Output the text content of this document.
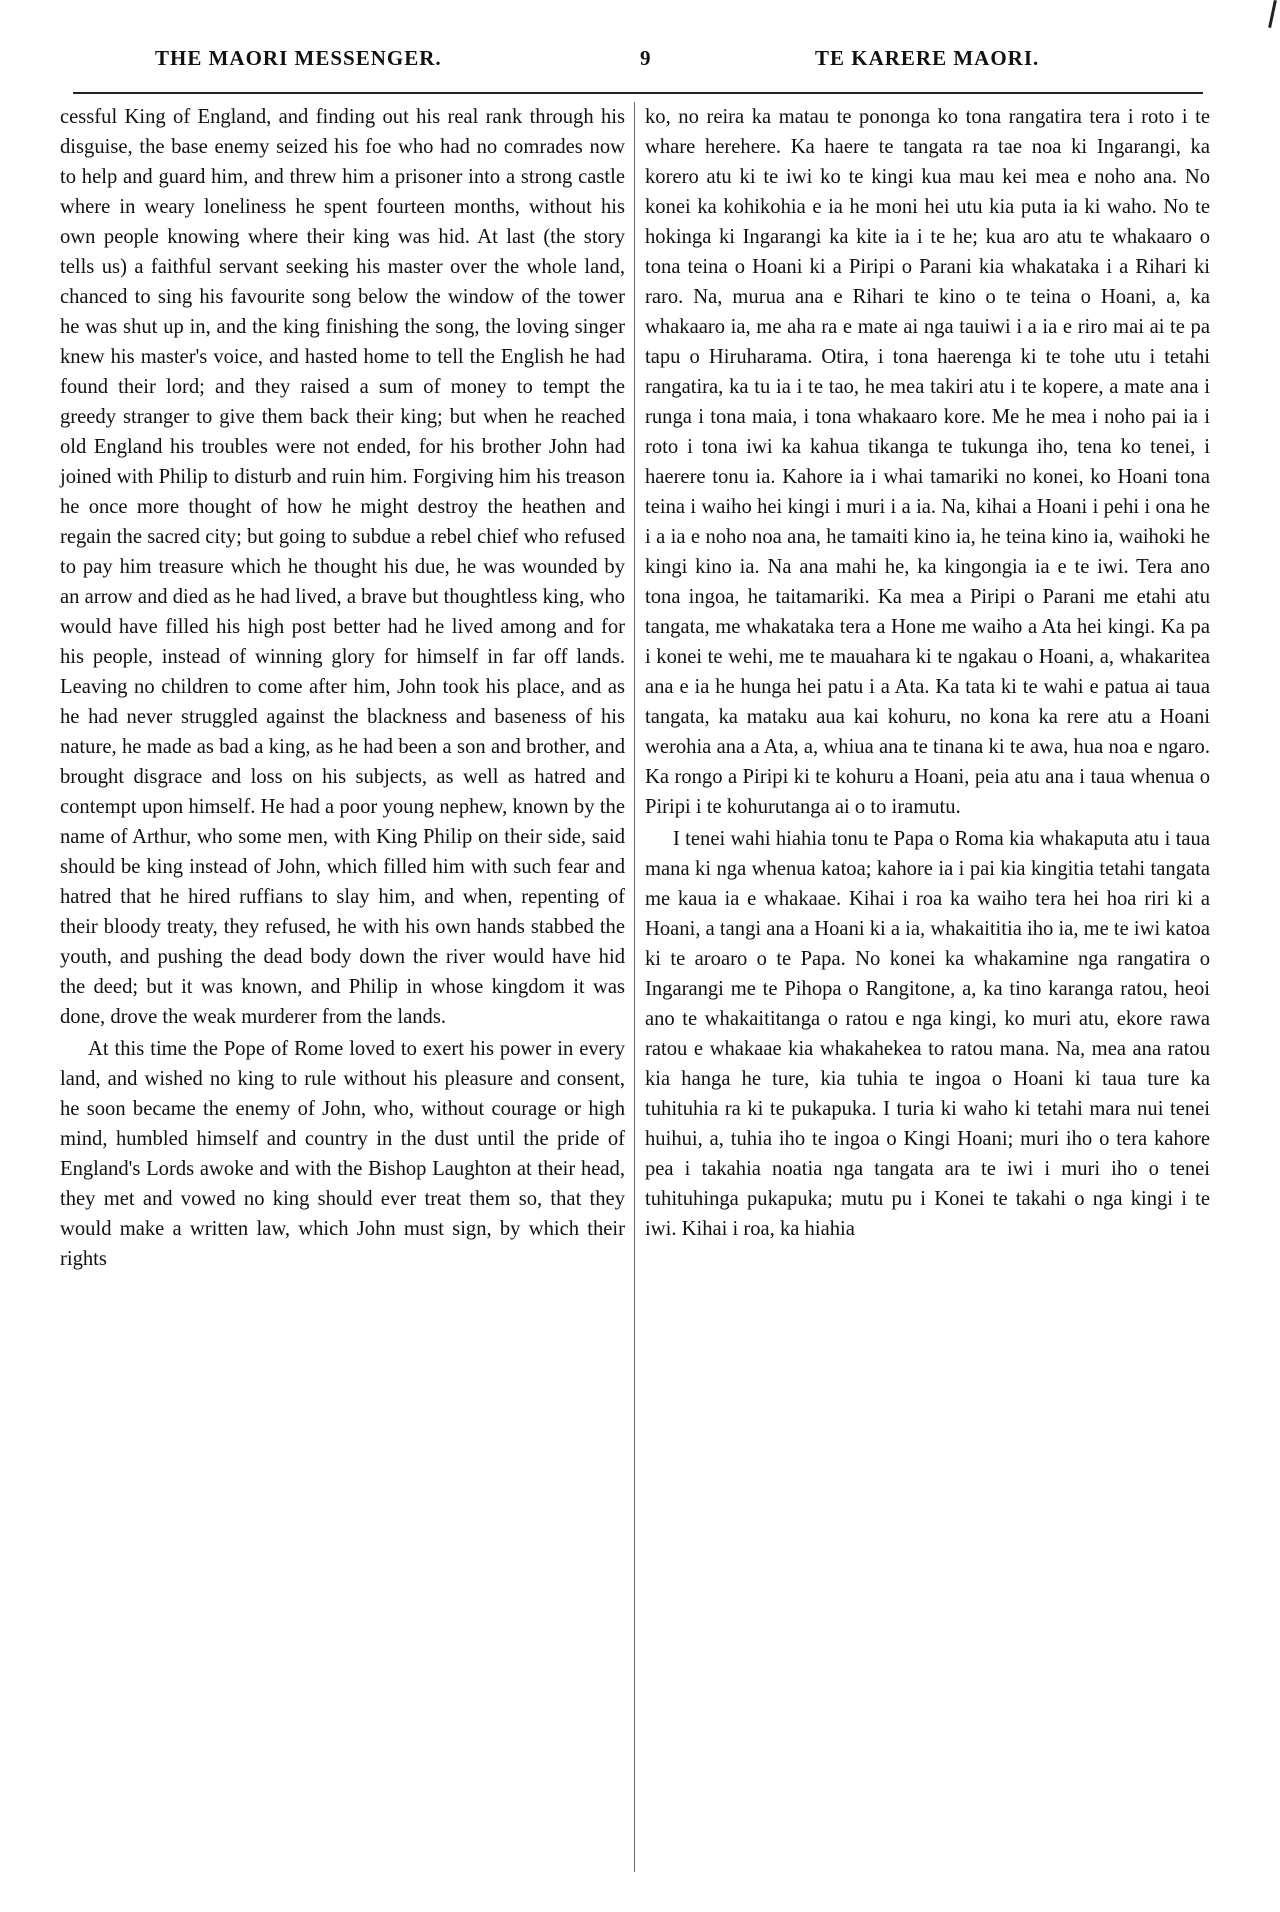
THE MAORI MESSENGER.	9	TE KARERE MAORI.

cessful King of England, and finding out his real rank through his disguise, the base enemy seized his foe who had no comrades now to help and guard him, and threw him a prisoner into a strong castle where in weary loneliness he spent fourteen months, without his own people knowing where their king was hid. At last (the story tells us) a faithful servant seeking his master over the whole land, chanced to sing his favourite song below the window of the tower he was shut up in, and the king finishing the song, the loving singer knew his master's voice, and hasted home to tell the English he had found their lord; and they raised a sum of money to tempt the greedy stranger to give them back their king; but when he reached old England his troubles were not ended, for his brother John had joined with Philip to disturb and ruin him. Forgiving him his treason he once more thought of how he might destroy the heathen and regain the sacred city; but going to subdue a rebel chief who refused to pay him treasure which he thought his due, he was wounded by an arrow and died as he had lived, a brave but thoughtless king, who would have filled his high post better had he lived among and for his people, instead of winning glory for himself in far off lands. Leaving no children to come after him, John took his place, and as he had never struggled against the blackness and baseness of his nature, he made as bad a king, as he had been a son and brother, and brought disgrace and loss on his subjects, as well as hatred and contempt upon himself. He had a poor young nephew, known by the name of Arthur, who some men, with King Philip on their side, said should be king instead of John, which filled him with such fear and hatred that he hired ruffians to slay him, and when, repenting of their bloody treaty, they refused, he with his own hands stabbed the youth, and pushing the dead body down the river would have hid the deed; but it was known, and Philip in whose kingdom it was done, drove the weak murderer from the lands.

At this time the Pope of Rome loved to exert his power in every land, and wished no king to rule without his pleasure and consent, he soon became the enemy of John, who, without courage or high mind, humbled himself and country in the dust until the pride of England's Lords awoke and with the Bishop Laughton at their head, they met and vowed no king should ever treat them so, that they would make a written law, which John must sign, by which their rights

ko, no reira ka matau te pononga ko tona rangatira tera i roto i te whare herehere. Ka haere te tangata ra tae noa ki Ingarangi, ka korero atu ki te iwi ko te kingi kua mau kei mea e noho ana. No konei ka kohikohia e ia he moni hei utu kia puta ia ki waho. No te hokinga ki Ingarangi ka kite ia i te he; kua aro atu te whakaaro o tona teina o Hoani ki a Piripi o Parani kia whakataka i a Rihari ki raro. Na, murua ana e Rihari te kino o te teina o Hoani, a, ka whakaaro ia, me aha ra e mate ai nga tauiwi i a ia e riro mai ai te pa tapu o Hiruharama. Otira, i tona haerenga ki te tohe utu i tetahi rangatira, ka tu ia i te tao, he mea takiri atu i te kopere, a mate ana i runga i tona maia, i tona whakaaro kore. Me he mea i noho pai ia i roto i tona iwi ka kahua tikanga te tukunga iho, tena ko tenei, i haerere tonu ia. Kahore ia i whai tamariki no konei, ko Hoani tona teina i waiho hei kingi i muri i a ia. Na, kihai a Hoani i pehi i ona he i a ia e noho noa ana, he tamaiti kino ia, he teina kino ia, waihoki he kingi kino ia. Na ana mahi he, ka kingongia ia e te iwi. Tera ano tona ingoa, he taitamariki. Ka mea a Piripi o Parani me etahi atu tangata, me whakataka tera a Hone me waiho a Ata hei kingi. Ka pa i konei te wehi, me te mauahara ki te ngakau o Hoani, a, whakaritea ana e ia he hunga hei patu i a Ata. Ka tata ki te wahi e patua ai taua tangata, ka mataku aua kai kohuru, no kona ka rere atu a Hoani werohia ana a Ata, a, whiua ana te tinana ki te awa, hua noa e ngaro. Ka rongo a Piripi ki te kohuru a Hoani, peia atu ana i taua whenua o Piripi i te kohurutanga ai o to iramutu.

I tenei wahi hiahia tonu te Papa o Roma kia whakaputa atu i taua mana ki nga whenua katoa; kahore ia i pai kia kingitia tetahi tangata me kaua ia e whakaae. Kihai i roa ka waiho tera hei hoa riri ki a Hoani, a tangi ana a Hoani ki a ia, whakaititia iho ia, me te iwi katoa ki te aroaro o te Papa. No konei ka whakamine nga rangatira o Ingarangi me te Pihopa o Rangitone, a, ka tino karanga ratou, heoi ano te whakaititanga o ratou e nga kingi, ko muri atu, ekore rawa ratou e whakaae kia whakahekea to ratou mana. Na, mea ana ratou kia hanga he ture, kia tuhia te ingoa o Hoani ki taua ture ka tuhituhia ra ki te pukapuka. I turia ki waho ki tetahi mara nui tenei huihui, a, tuhia iho te ingoa o Kingi Hoani; muri iho o tera kahore pea i takahia noatia nga tangata ara te iwi i muri iho o tenei tuhituhinga pukapuka; mutu pu i Konei te takahi o nga kingi i te iwi. Kihai i roa, ka hiahia
